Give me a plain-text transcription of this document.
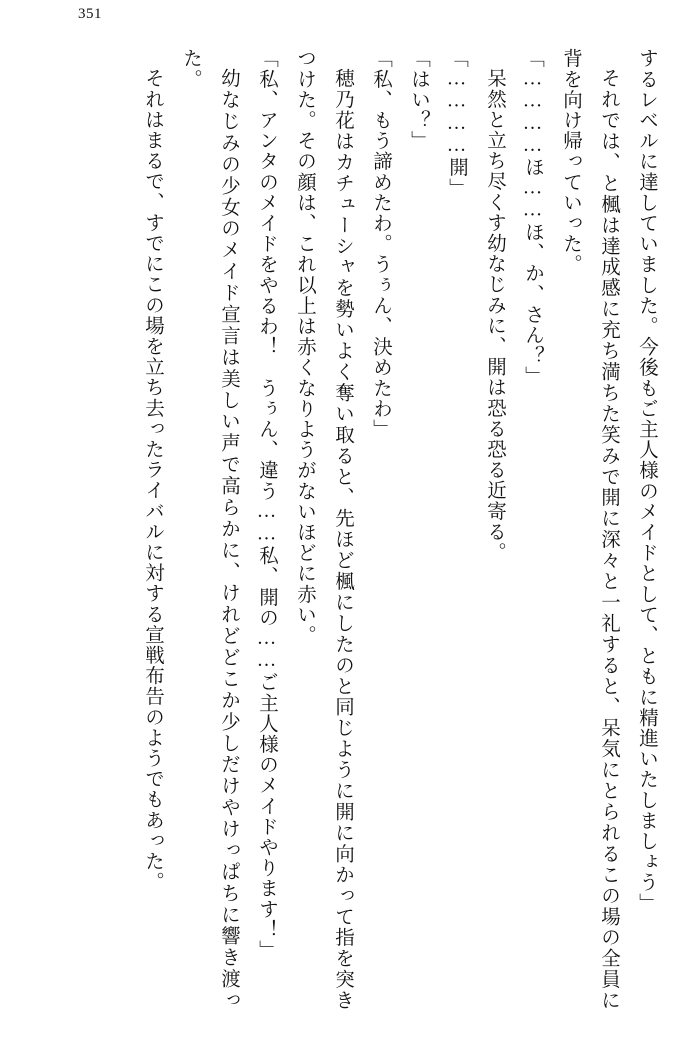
351

するレベルに達していました。今後もご主人様のメイドとして、ともに精進いたしましょう」

それでは、と楓は達成感に充ち満ちた笑みで開に深々と一礼すると、呆気にとられるこの場の全員に背を向け帰っていった。

「…………ほ……ほ、か、さん？」

呆然と立ち尽くす幼なじみに、開は恐る恐る近寄る。

「…………開」

「はい？」

「私、もう諦めたわ。うぅん、決めたわ」

穂乃花はカチューシャを勢いよく奪い取ると、先ほど楓にしたのと同じように開に向かって指を突きつけた。その顔は、これ以上は赤くなりようがないほどに赤い。

「私、アンタのメイドをやるわ！　うぅん、違う……私、開の……ご主人様のメイドやります！」

幼なじみの少女のメイド宣言は美しい声で高らかに、けれどどこか少しだけやけっぱちに響き渡った。

それはまるで、すでにこの場を立ち去ったライバルに対する宣戦布告のようでもあった。
